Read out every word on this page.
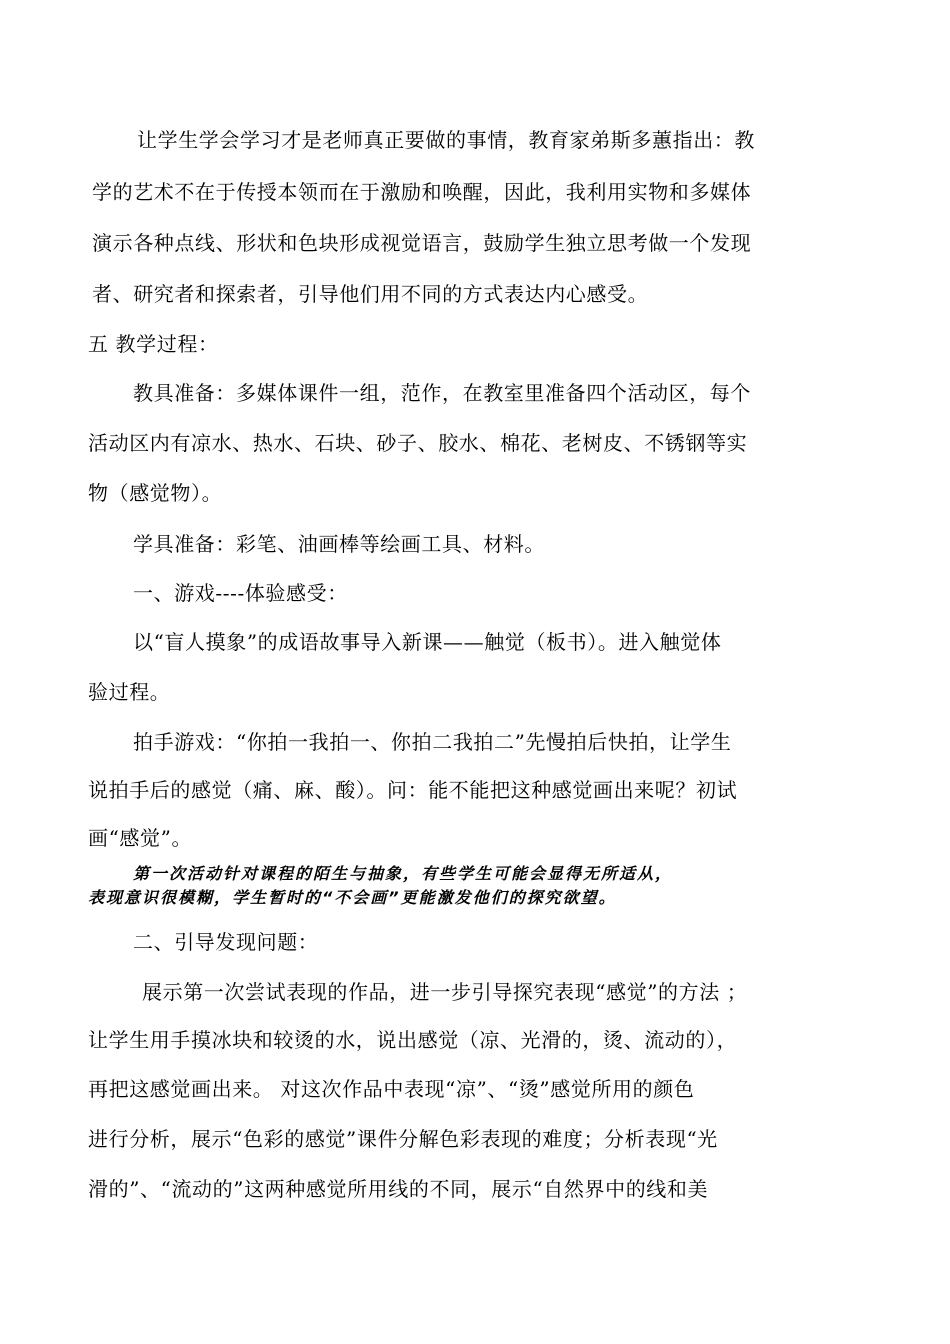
让学生学会学习才是老师真正要做的事情，教育家弟斯多蕙指出：教
学的艺术不在于传授本领而在于激励和唤醒，因此，我利用实物和多媒体
演示各种点线、形状和色块形成视觉语言，鼓励学生独立思考做一个发现
者、研究者和探索者，引导他们用不同的方式表达内心感受。
五 教学过程：
教具准备：多媒体课件一组，范作，在教室里准备四个活动区，每个
活动区内有凉水、热水、石块、砂子、胶水、棉花、老树皮、不锈钢等实
物（感觉物）。
学具准备：彩笔、油画棒等绘画工具、材料。
一、游戏----体验感受：
以“盲人摸象”的成语故事导入新课——触觉（板书）。进入触觉体
验过程。
拍手游戏：“你拍一我拍一、你拍二我拍二”先慢拍后快拍，让学生
说拍手后的感觉（痛、麻、酸）。问：能不能把这种感觉画出来呢？初试
画“感觉”。
第一次活动针对课程的陌生与抽象，有些学生可能会显得无所适从，
表现意识很模糊，学生暂时的“不会画”更能激发他们的探究欲望。
二、引导发现问题：
展示第一次尝试表现的作品，进一步引导探究表现“感觉”的方法 ；
让学生用手摸冰块和较烫的水，说出感觉（凉、光滑的，烫、流动的），
再把这感觉画出来。 对这次作品中表现“凉”、“烫”感觉所用的颜色
进行分析，展示“色彩的感觉”课件分解色彩表现的难度；分析表现“光
滑的”、“流动的”这两种感觉所用线的不同，展示“自然界中的线和美
